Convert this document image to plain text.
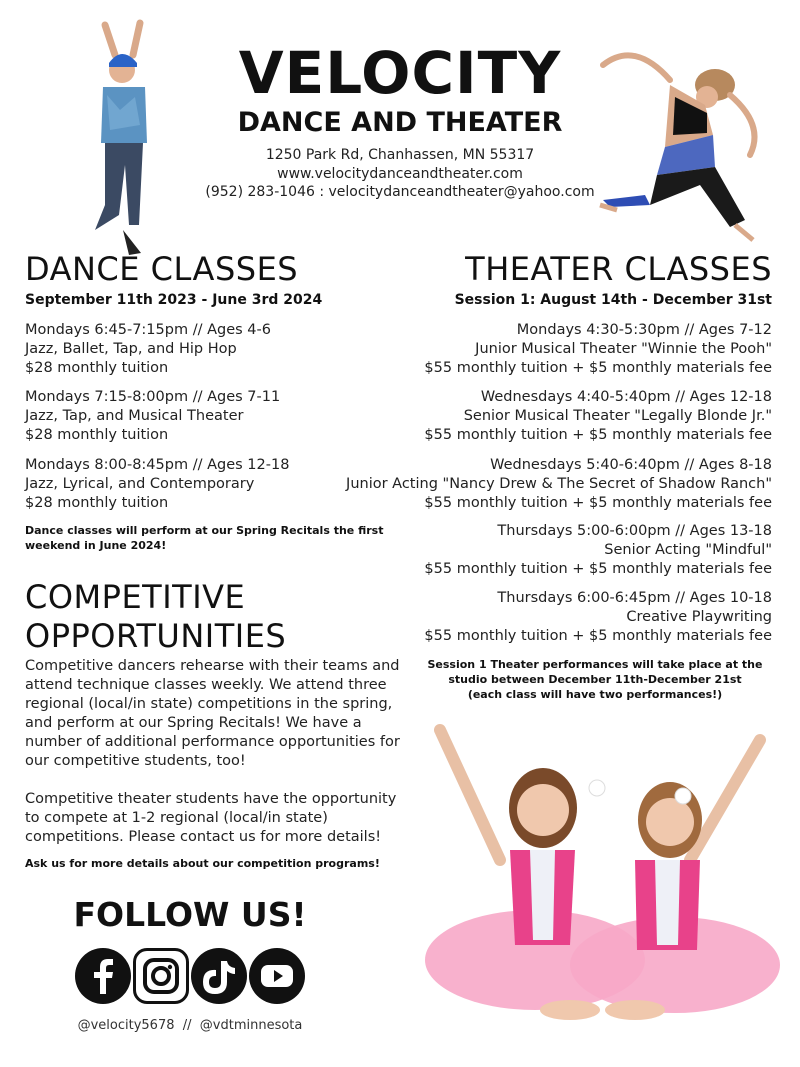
VELOCITY
DANCE AND THEATER
1250 Park Rd, Chanhassen, MN 55317
www.velocitydanceandtheater.com
(952) 283-1046 : velocitydanceandtheater@yahoo.com
DANCE CLASSES
September 11th 2023 - June 3rd 2024
Mondays 6:45-7:15pm // Ages 4-6
Jazz, Ballet, Tap, and Hip Hop
$28 monthly tuition
Mondays 7:15-8:00pm // Ages 7-11
Jazz, Tap, and Musical Theater
$28 monthly tuition
Mondays 8:00-8:45pm // Ages 12-18
Jazz, Lyrical, and Contemporary
$28 monthly tuition
Dance classes will perform at our Spring Recitals the first
weekend in June 2024!
THEATER CLASSES
Session 1: August 14th - December 31st
Mondays 4:30-5:30pm // Ages 7-12
Junior Musical Theater "Winnie the Pooh"
$55 monthly tuition + $5 monthly materials fee
Wednesdays 4:40-5:40pm // Ages 12-18
Senior Musical Theater "Legally Blonde Jr."
$55 monthly tuition + $5 monthly materials fee
Wednesdays 5:40-6:40pm // Ages 8-18
Junior Acting "Nancy Drew & The Secret of Shadow Ranch"
$55 monthly tuition + $5 monthly materials fee
Thursdays 5:00-6:00pm // Ages 13-18
Senior Acting "Mindful"
$55 monthly tuition + $5 monthly materials fee
Thursdays 6:00-6:45pm // Ages 10-18
Creative Playwriting
$55 monthly tuition + $5 monthly materials fee
Session 1 Theater performances will take place at the
studio between December 11th-December 21st
(each class will have two performances!)
COMPETITIVE
OPPORTUNITIES

Competitive dancers rehearse with their teams and attend technique classes weekly. We attend three regional (local/in state) competitions in the spring, and perform at our Spring Recitals! We have a number of additional performance opportunities for our competitive students, too!

Competitive theater students have the opportunity to compete at 1-2 regional (local/in state) competitions. Please contact us for more details!

Ask us for more details about our competition programs!
FOLLOW US!
@velocity5678  //  @vdtminnesota
